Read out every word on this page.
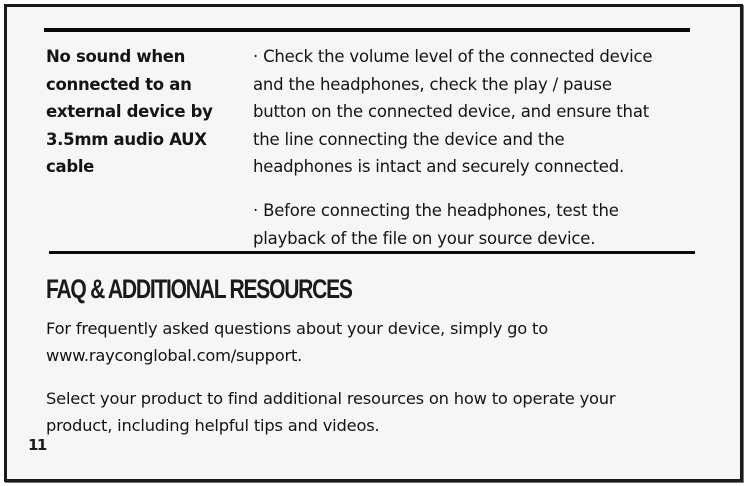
No sound when
connected to an
external device by
3.5mm audio AUX
cable
· Check the volume level of the connected device
and the headphones, check the play / pause
button on the connected device, and ensure that
the line connecting the device and the
headphones is intact and securely connected.
· Before connecting the headphones, test the
playback of the file on your source device.
FAQ & ADDITIONAL RESOURCES
For frequently asked questions about your device, simply go to
www.rayconglobal.com/support.
Select your product to find additional resources on how to operate your
product, including helpful tips and videos.
11
